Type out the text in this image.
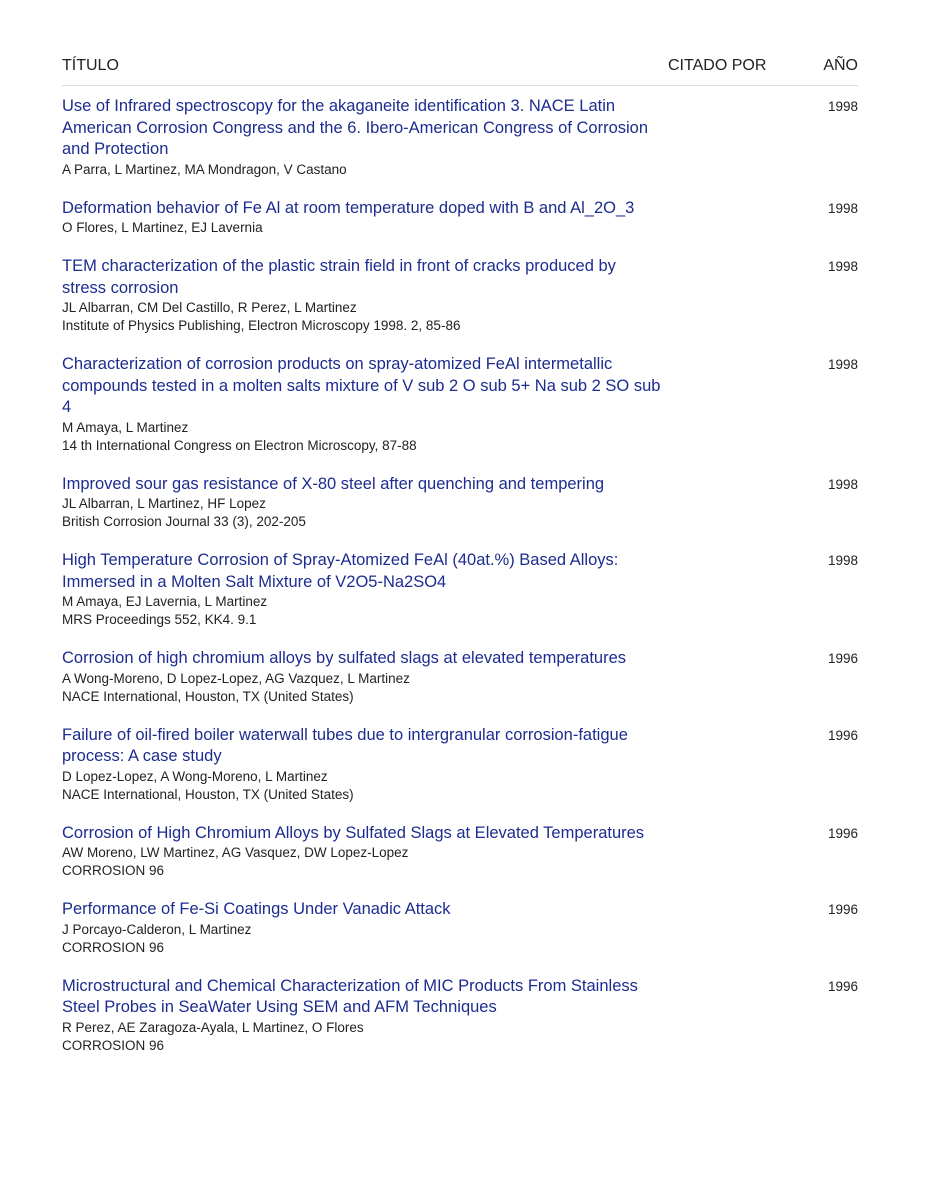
TÍTULO	CITADO POR	AÑO
Use of Infrared spectroscopy for the akaganeite identification 3. NACE Latin American Corrosion Congress and the 6. Ibero-American Congress of Corrosion and Protection
A Parra, L Martinez, MA Mondragon, V Castano
1998
Deformation behavior of Fe Al at room temperature doped with B and Al_2O_3
O Flores, L Martinez, EJ Lavernia
1998
TEM characterization of the plastic strain field in front of cracks produced by stress corrosion
JL Albarran, CM Del Castillo, R Perez, L Martinez
Institute of Physics Publishing, Electron Microscopy 1998. 2, 85-86
1998
Characterization of corrosion products on spray-atomized FeAl intermetallic compounds tested in a molten salts mixture of V sub 2 O sub 5+ Na sub 2 SO sub 4
M Amaya, L Martinez
14 th International Congress on Electron Microscopy, 87-88
1998
Improved sour gas resistance of X-80 steel after quenching and tempering
JL Albarran, L Martinez, HF Lopez
British Corrosion Journal 33 (3), 202-205
1998
High Temperature Corrosion of Spray-Atomized FeAl (40at.%) Based Alloys: Immersed in a Molten Salt Mixture of V2O5-Na2SO4
M Amaya, EJ Lavernia, L Martinez
MRS Proceedings 552, KK4. 9.1
1998
Corrosion of high chromium alloys by sulfated slags at elevated temperatures
A Wong-Moreno, D Lopez-Lopez, AG Vazquez, L Martinez
NACE International, Houston, TX (United States)
1996
Failure of oil-fired boiler waterwall tubes due to intergranular corrosion-fatigue process: A case study
D Lopez-Lopez, A Wong-Moreno, L Martinez
NACE International, Houston, TX (United States)
1996
Corrosion of High Chromium Alloys by Sulfated Slags at Elevated Temperatures
AW Moreno, LW Martinez, AG Vasquez, DW Lopez-Lopez
CORROSION 96
1996
Performance of Fe-Si Coatings Under Vanadic Attack
J Porcayo-Calderon, L Martinez
CORROSION 96
1996
Microstructural and Chemical Characterization of MIC Products From Stainless Steel Probes in SeaWater Using SEM and AFM Techniques
R Perez, AE Zaragoza-Ayala, L Martinez, O Flores
CORROSION 96
1996
